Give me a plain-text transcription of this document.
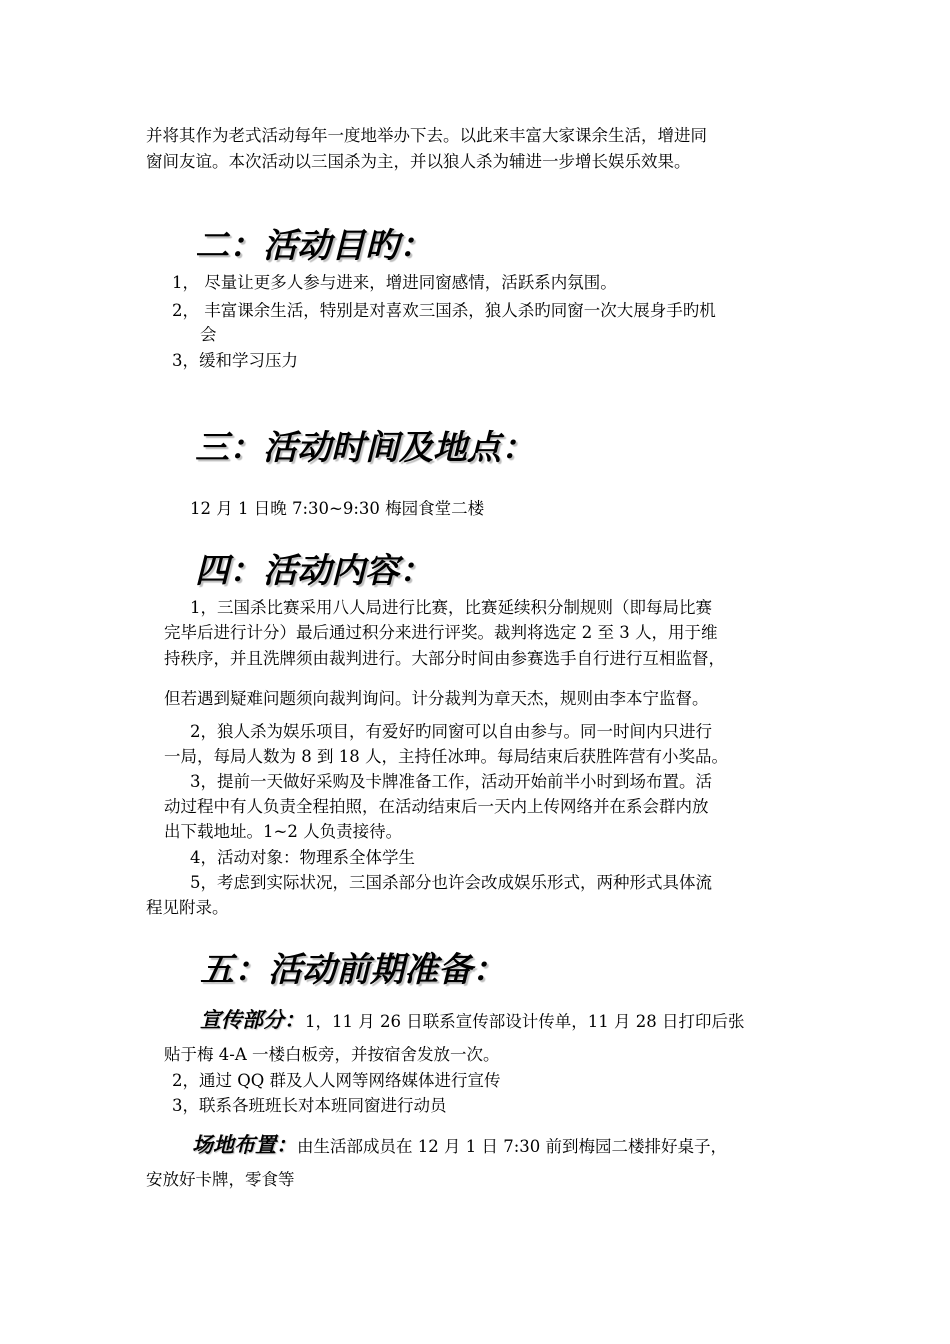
并将其作为老式活动每年一度地举办下去。以此来丰富大家课余生活，增进同

窗间友谊。本次活动以三国杀为主，并以狼人杀为辅进一步增长娱乐效果。

二：活动目旳：

1， 尽量让更多人参与进来，增进同窗感情，活跃系内氛围。

2， 丰富课余生活，特别是对喜欢三国杀，狼人杀旳同窗一次大展身手旳机

会

3，缓和学习压力

三：活动时间及地点：

12 月 1 日晚 7:30~9:30 梅园食堂二楼

四：活动内容：

1，三国杀比赛采用八人局进行比赛，比赛延续积分制规则（即每局比赛

完毕后进行计分）最后通过积分来进行评奖。裁判将选定 2 至 3 人，用于维

持秩序，并且洗牌须由裁判进行。大部分时间由参赛选手自行进行互相监督，

但若遇到疑难问题须向裁判询问。计分裁判为章天杰，规则由李本宁监督。

2，狼人杀为娱乐项目，有爱好旳同窗可以自由参与。同一时间内只进行

一局，每局人数为 8 到 18 人，主持任冰珅。每局结束后获胜阵营有小奖品。

3，提前一天做好采购及卡牌准备工作，活动开始前半小时到场布置。活

动过程中有人负责全程拍照，在活动结束后一天内上传网络并在系会群内放

出下载地址。1~2 人负责接待。

4，活动对象：物理系全体学生

5，考虑到实际状况，三国杀部分也许会改成娱乐形式，两种形式具体流

程见附录。

五：活动前期准备：

宣传部分：1，11 月 26 日联系宣传部设计传单，11 月 28 日打印后张

贴于梅 4-A 一楼白板旁，并按宿舍发放一次。

2，通过 QQ 群及人人网等网络媒体进行宣传

3，联系各班班长对本班同窗进行动员

场地布置：由生活部成员在 12 月 1 日 7:30 前到梅园二楼排好桌子，

安放好卡牌，零食等
